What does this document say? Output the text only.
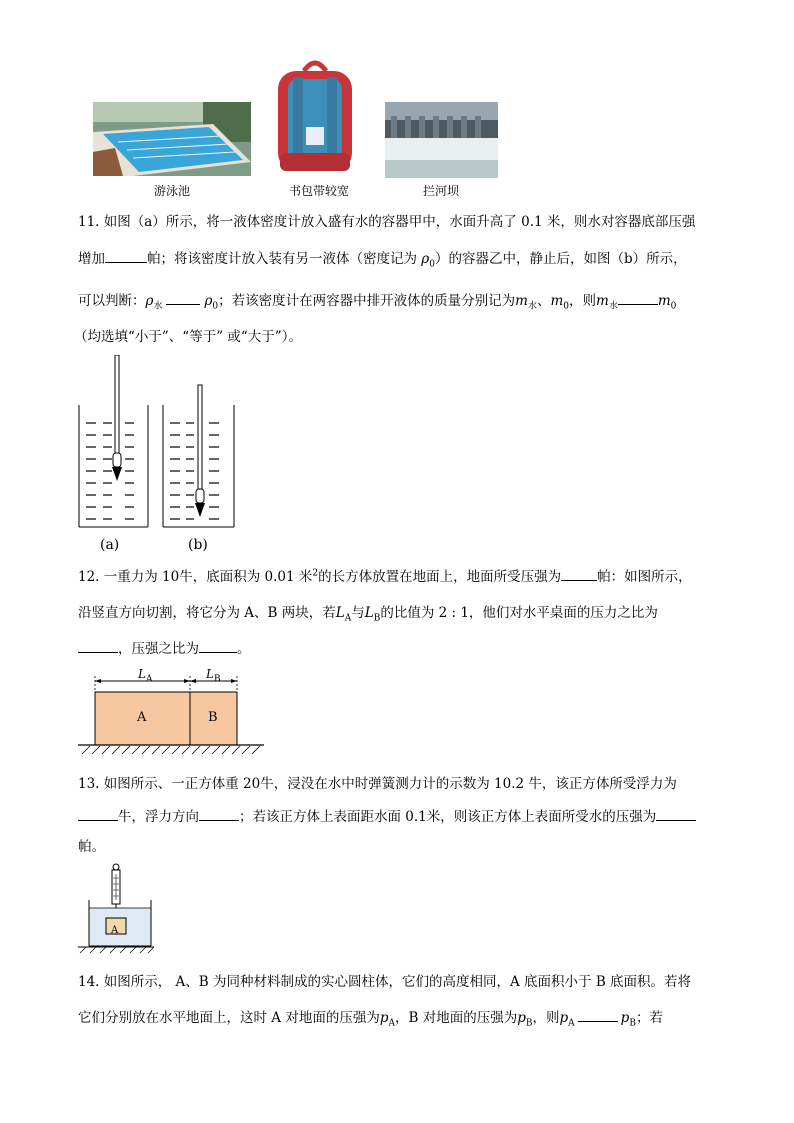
游泳池	书包带较宽	拦河坝
11. 如图（a）所示，将一液体密度计放入盛有水的容器甲中，水面升高了 0.1 米，则水对容器底部压强
增加	帕；将该密度计放入装有另一液体（密度记为 $\rho_0$）的容器乙中，静止后，如图（b）所示，
可以判断：$\rho_水$	$\rho_0$；若该密度计在两容器中排开液体的质量分别记为$m_水$、$m_0$，则$m_水$	$m_0$
（均选填“小于”、“等于” 或“大于”）。
(a)	(b)
12. 一重力为 10牛，底面积为 0.01 米$^2$的长方体放置在地面上，地面所受压强为	帕：如图所示，
沿竖直方向切割，将它分为 A、B 两块，若$L_A$与$L_B$的比值为 2 : 1，他们对水平桌面的压力之比为
，压强之比为	。
$L_A$	$L_B$
A	B
13. 如图所示、一正方体重 20牛，浸没在水中时弹簧测力计的示数为 10.2 牛，该正方体所受浮力为
牛，浮力方向	；若该正方体上表面距水面 0.1米，则该正方体上表面所受水的压强为
帕。
A
14. 如图所示， A、B 为同种材料制成的实心圆柱体，它们的高度相同，A 底面积小于 B 底面积。若将
它们分别放在水平地面上，这时 A 对地面的压强为$p_A$，B 对地面的压强为$p_B$，则$p_A$	$p_B$；若
